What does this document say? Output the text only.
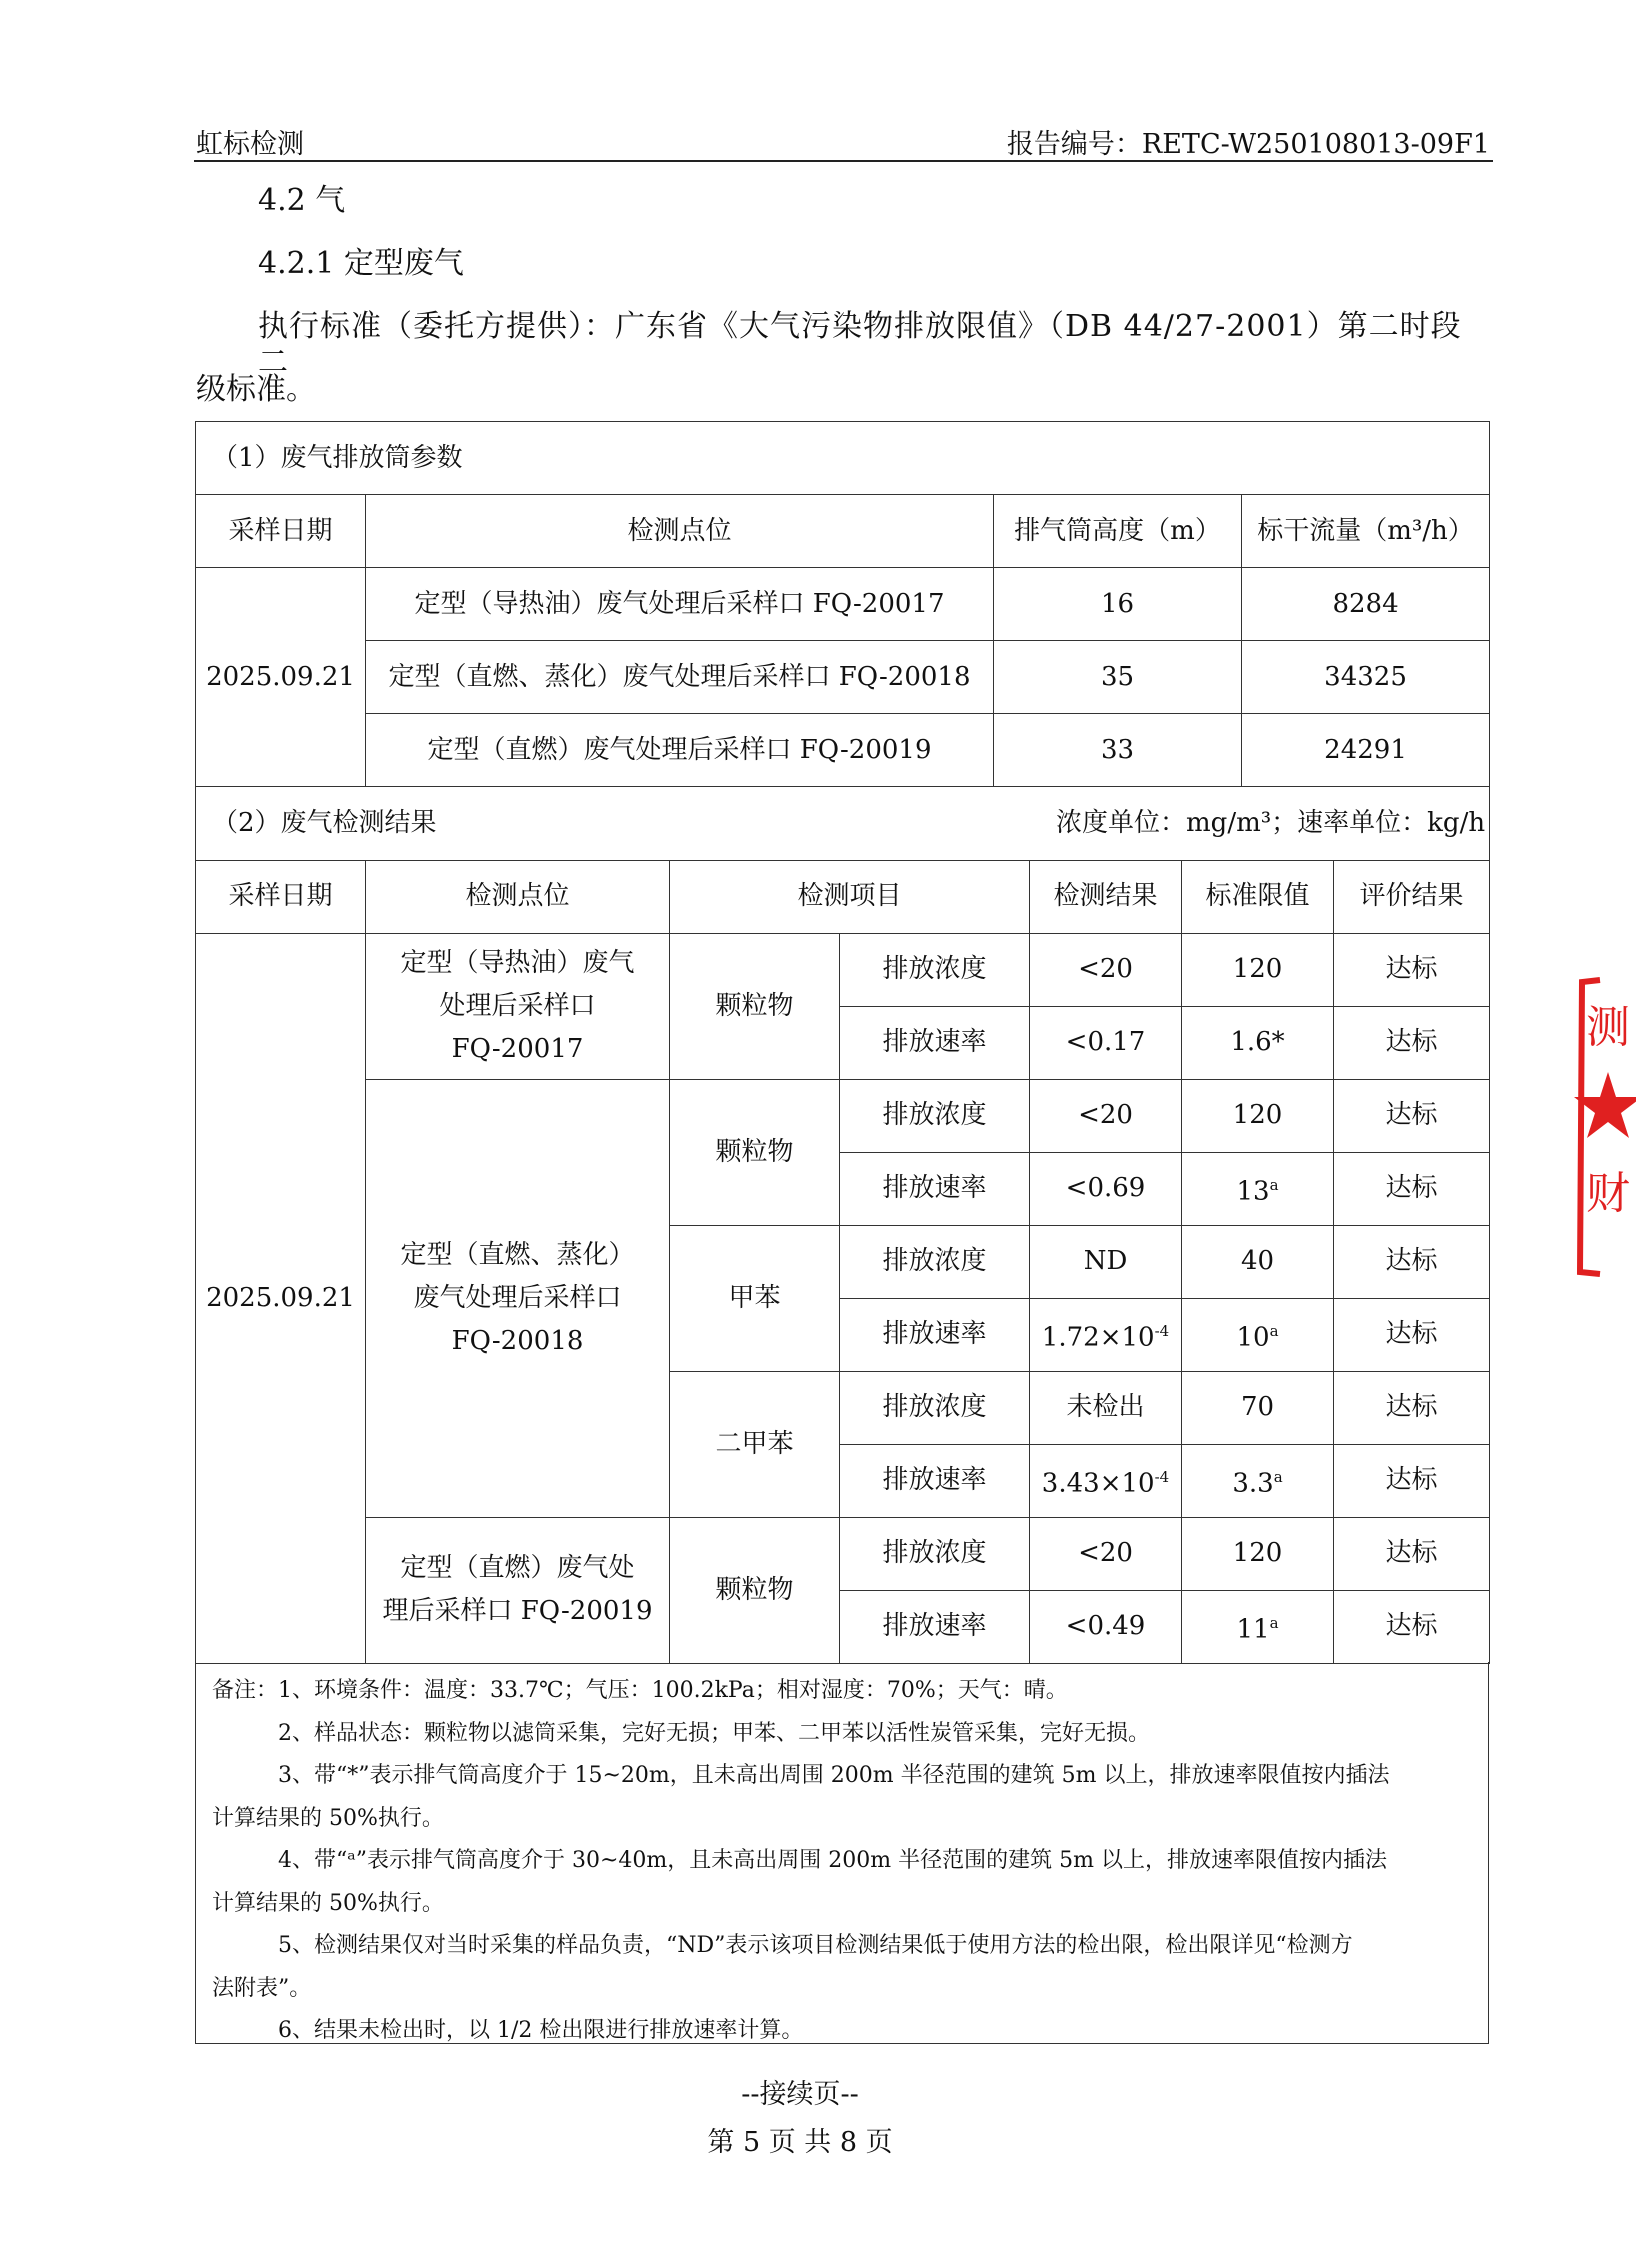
虹标检测	报告编号：RETC-W250108013-09F1
4.2 气
4.2.1 定型废气
执行标准（委托方提供）：广东省《大气污染物排放限值》（DB 44/27-2001）第二时段二
级标准。
（1）废气排放筒参数			
采样日期	检测点位	排气筒高度（m）	标干流量（m³/h）
2025.09.21	定型（导热油）废气处理后采样口 FQ-20017	16	8284
	定型（直燃、蒸化）废气处理后采样口 FQ-20018	35	34325
	定型（直燃）废气处理后采样口 FQ-20019	33	24291
（2）废气检测结果 浓度单位：mg/m³；速率单位：kg/h						

采样日期	检测点位	检测项目		检测结果	标准限值	评价结果
2025.09.21	定型（导热油）废气
处理后采样口
FQ-20017	颗粒物	排放浓度	<20	120	达标
			排放速率	<0.17	1.6*	达标

	定型（直燃、蒸化）
废气处理后采样口
FQ-20018	颗粒物	排放浓度	<20	120	达标
			排放速率	<0.69	13$^a$	达标
		甲苯	排放浓度	ND	40	达标
			排放速率	$1.72\times 10^{-4}$	10$^a$	达标
		二甲苯	排放浓度	未检出	70	达标
			排放速率	$3.43\times 10^{-4}$	3.3$^a$	达标

	定型（直燃）废气处
理后采样口 FQ-20019	颗粒物	排放浓度	<20	120	达标
			排放速率	<0.49	11$^a$	达标
备注：1、环境条件：温度：33.7℃；气压：100.2kPa；相对湿度：70%；天气：晴。
2、样品状态：颗粒物以滤筒采集，完好无损；甲苯、二甲苯以活性炭管采集，完好无损。
3、带“*”表示排气筒高度介于 15~20m，且未高出周围 200m 半径范围的建筑 5m 以上，排放速率限值按内插法
计算结果的 50%执行。
4、带“ᵃ”表示排气筒高度介于 30~40m，且未高出周围 200m 半径范围的建筑 5m 以上，排放速率限值按内插法
计算结果的 50%执行。
5、检测结果仅对当时采集的样品负责，“ND”表示该项目检测结果低于使用方法的检出限，检出限详见“检测方
法附表”。
6、结果未检出时，以 1/2 检出限进行排放速率计算。
--接续页--
第 5 页 共 8 页
测
财
